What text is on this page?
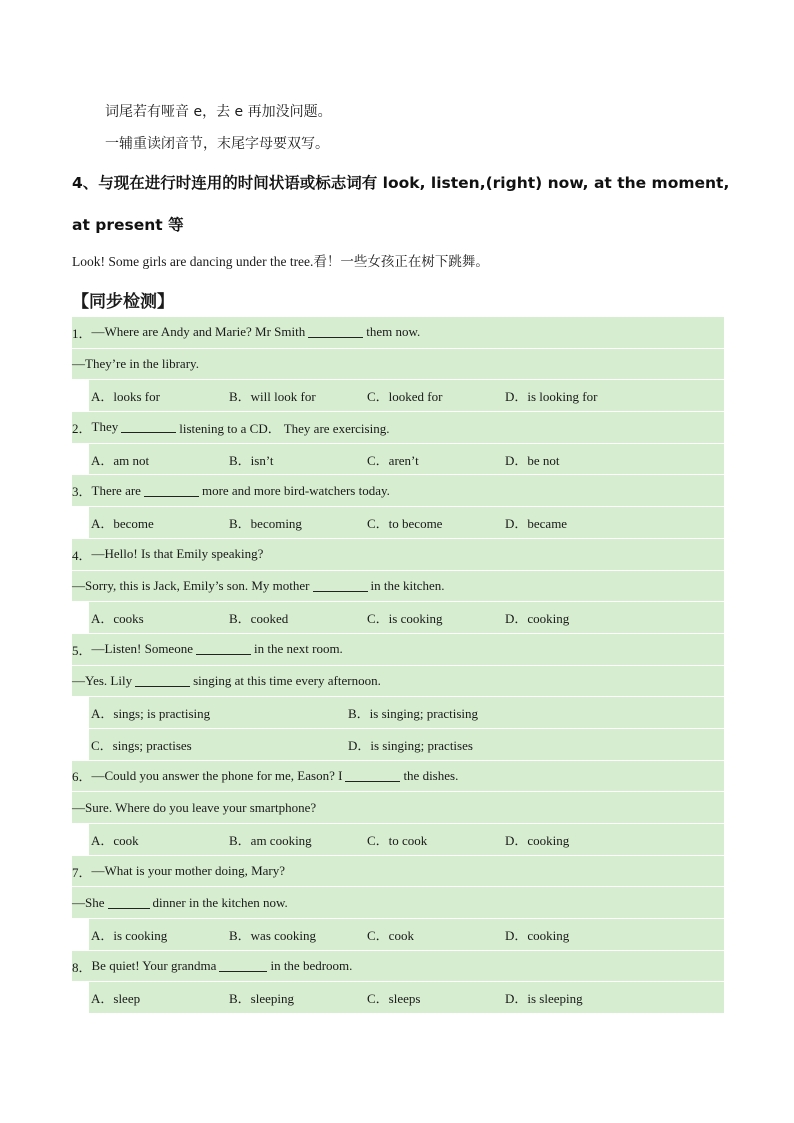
词尾若有哑音 e，去 e 再加没问题。
一辅重读闭音节，末尾字母要双写。
4、与现在进行时连用的时间状语或标志词有 look, listen,(right) now, at the moment,
at present 等
Look! Some girls are dancing under the tree.看！一些女孩正在树下跳舞。
【同步检测】
1． —Where are Andy and Marie? Mr Smith	them now.
—They’re in the library.
A．looks for	B．will look for	C．looked for	D．is looking for
2． They	listening to a CD． They are exercising.
A．am not	B．isn’t	C．aren’t	D．be not
3． There are	more and more bird-watchers today.
A．become	B．becoming	C．to become	D．became
4． —Hello! Is that Emily speaking?
—Sorry, this is Jack, Emily’s son. My mother	in the kitchen.
A．cooks	B．cooked	C．is cooking	D．cooking
5． —Listen! Someone	in the next room.
—Yes. Lily	singing at this time every afternoon.
A．sings; is practising	B．is singing; practising
C．sings; practises	D．is singing; practises
6． —Could you answer the phone for me, Eason? I	the dishes.
—Sure. Where do you leave your smartphone?
A．cook	B．am cooking	C．to cook	D．cooking
7． —What is your mother doing, Mary?
—She	dinner in the kitchen now.
A．is cooking	B．was cooking	C．cook	D．cooking
8． Be quiet! Your grandma	in the bedroom.
A．sleep	B．sleeping	C．sleeps	D．is sleeping
